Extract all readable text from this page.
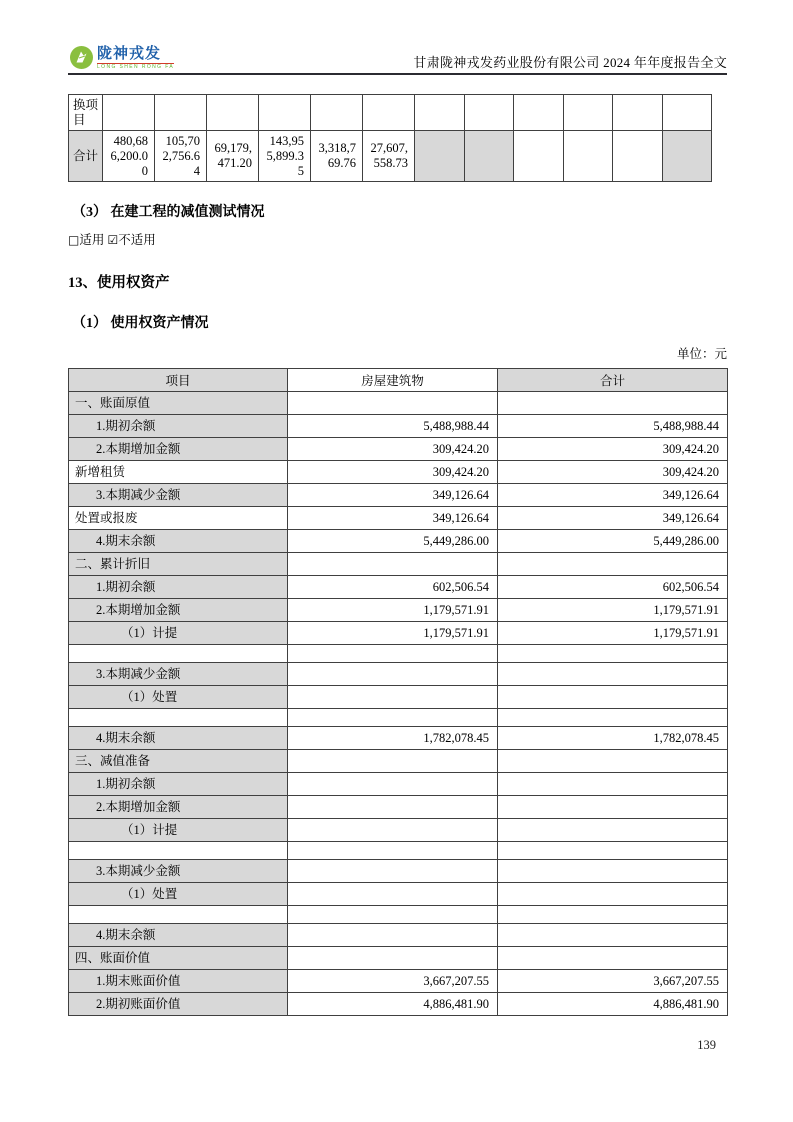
陇神戎发
LONG SHEN RONG FA	甘肃陇神戎发药业股份有限公司 2024 年年度报告全文
换项目												
合计	480,686,200.00	105,702,756.64	69,179,471.20	143,955,899.35	3,318,769.76	27,607,558.73						
（3） 在建工程的减值测试情况
□适用 ☑不适用
13、使用权资产
（1） 使用权资产情况
单位：元
项目	房屋建筑物	合计
一、账面原值		
1.期初余额	5,488,988.44	5,488,988.44
2.本期增加金额	309,424.20	309,424.20
新增租赁	309,424.20	309,424.20
3.本期减少金额	349,126.64	349,126.64
处置或报废	349,126.64	349,126.64
4.期末余额	5,449,286.00	5,449,286.00
二、累计折旧		
1.期初余额	602,506.54	602,506.54
2.本期增加金额	1,179,571.91	1,179,571.91
（1）计提	1,179,571.91	1,179,571.91

3.本期减少金额		
（1）处置		

4.期末余额	1,782,078.45	1,782,078.45
三、减值准备		
1.期初余额		
2.本期增加金额		
（1）计提		

3.本期减少金额		
（1）处置		

4.期末余额		
四、账面价值		
1.期末账面价值	3,667,207.55	3,667,207.55
2.期初账面价值	4,886,481.90	4,886,481.90
139
